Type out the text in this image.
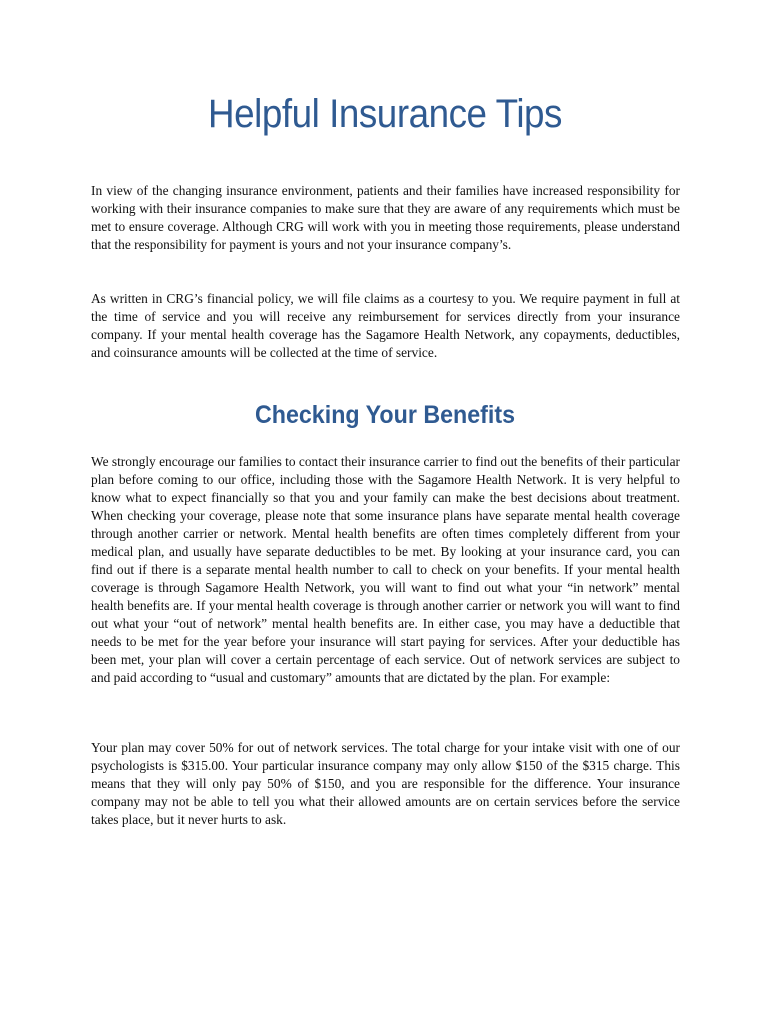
Helpful Insurance Tips

In view of the changing insurance environment, patients and their families have increased responsibility for working with their insurance companies to make sure that they are aware of any requirements which must be met to ensure coverage. Although CRG will work with you in meeting those requirements, please understand that the responsibility for payment is yours and not your insurance company’s.

As written in CRG’s financial policy, we will file claims as a courtesy to you. We require payment in full at the time of service and you will receive any reimbursement for services directly from your insurance company. If your mental health coverage has the Sagamore Health Network, any copayments, deductibles, and coinsurance amounts will be collected at the time of service.

Checking Your Benefits

We strongly encourage our families to contact their insurance carrier to find out the benefits of their particular plan before coming to our office, including those with the Sagamore Health Network. It is very helpful to know what to expect financially so that you and your family can make the best decisions about treatment. When checking your coverage, please note that some insurance plans have separate mental health coverage through another carrier or network. Mental health benefits are often times completely different from your medical plan, and usually have separate deductibles to be met. By looking at your insurance card, you can find out if there is a separate mental health number to call to check on your benefits. If your mental health coverage is through Sagamore Health Network, you will want to find out what your “in network” mental health benefits are. If your mental health coverage is through another carrier or network you will want to find out what your “out of network” mental health benefits are. In either case, you may have a deductible that needs to be met for the year before your insurance will start paying for services. After your deductible has been met, your plan will cover a certain percentage of each service. Out of network services are subject to and paid according to “usual and customary” amounts that are dictated by the plan. For example:

Your plan may cover 50% for out of network services. The total charge for your intake visit with one of our psychologists is $315.00. Your particular insurance company may only allow $150 of the $315 charge. This means that they will only pay 50% of $150, and you are responsible for the difference. Your insurance company may not be able to tell you what their allowed amounts are on certain services before the service takes place, but it never hurts to ask.
